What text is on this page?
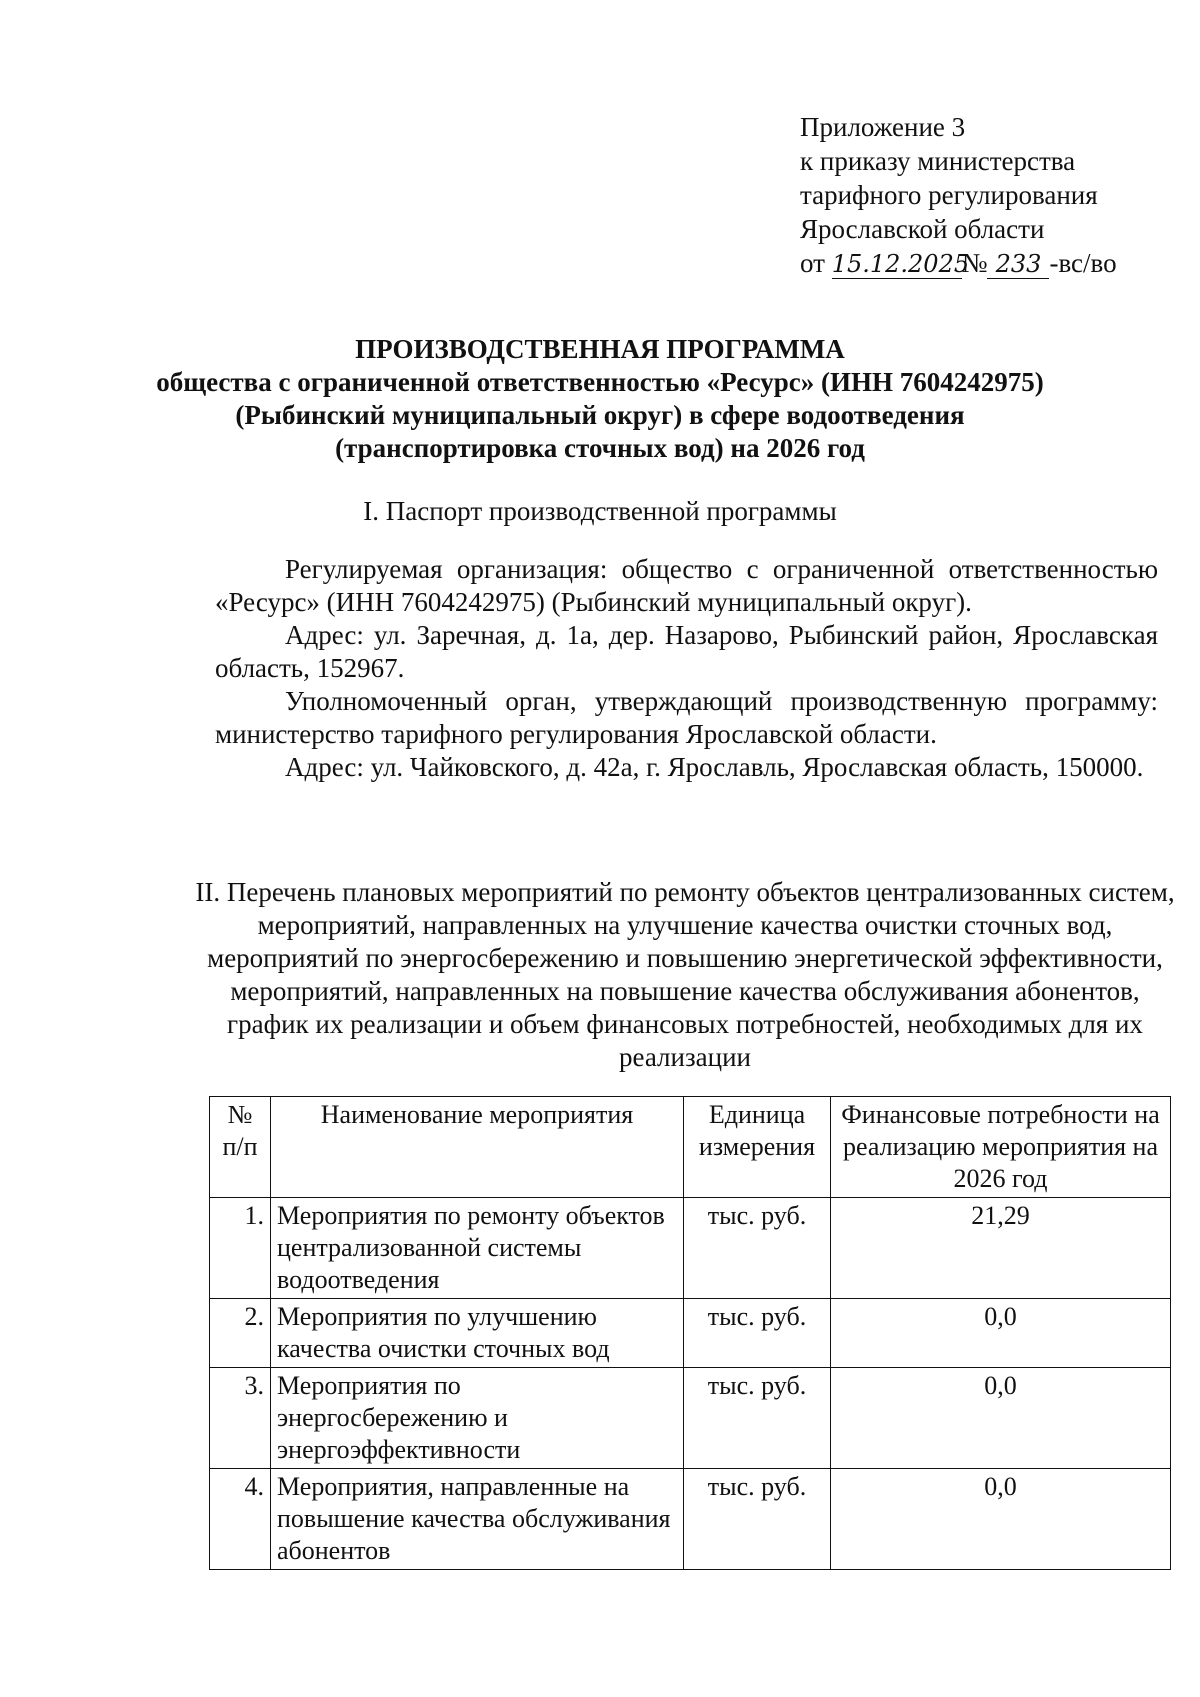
Приложение 3
к приказу министерства
тарифного регулирования
Ярославской области
от 15.12.2025№ 233 -вс/во
ПРОИЗВОДСТВЕННАЯ ПРОГРАММА
общества с ограниченной ответственностью «Ресурс» (ИНН 7604242975)
(Рыбинский муниципальный округ) в сфере водоотведения
(транспортировка сточных вод) на 2026 год
I. Паспорт производственной программы

Регулируемая организация: общество с ограниченной ответственностью «Ресурс» (ИНН 7604242975) (Рыбинский муниципальный округ).

Адрес: ул. Заречная, д. 1а, дер. Назарово, Рыбинский район, Ярославская область, 152967.

Уполномоченный орган, утверждающий производственную программу: министерство тарифного регулирования Ярославской области.

Адрес: ул. Чайковского, д. 42а, г. Ярославль, Ярославская область, 150000.

II. Перечень плановых мероприятий по ремонту объектов централизованных систем, мероприятий, направленных на улучшение качества очистки сточных вод, мероприятий по энергосбережению и повышению энергетической эффективности, мероприятий, направленных на повышение качества обслуживания абонентов, график их реализации и объем финансовых потребностей, необходимых для их реализации
№ п/п	Наименование мероприятия	Единица измерения	Финансовые потребности на реализацию мероприятия на 2026 год
1.	Мероприятия по ремонту объектов централизованной системы водоотведения	тыс. руб.	21,29
2.	Мероприятия по улучшению качества очистки сточных вод	тыс. руб.	0,0
3.	Мероприятия по энергосбережению и энергоэффективности	тыс. руб.	0,0
4.	Мероприятия, направленные на повышение качества обслуживания абонентов	тыс. руб.	0,0
